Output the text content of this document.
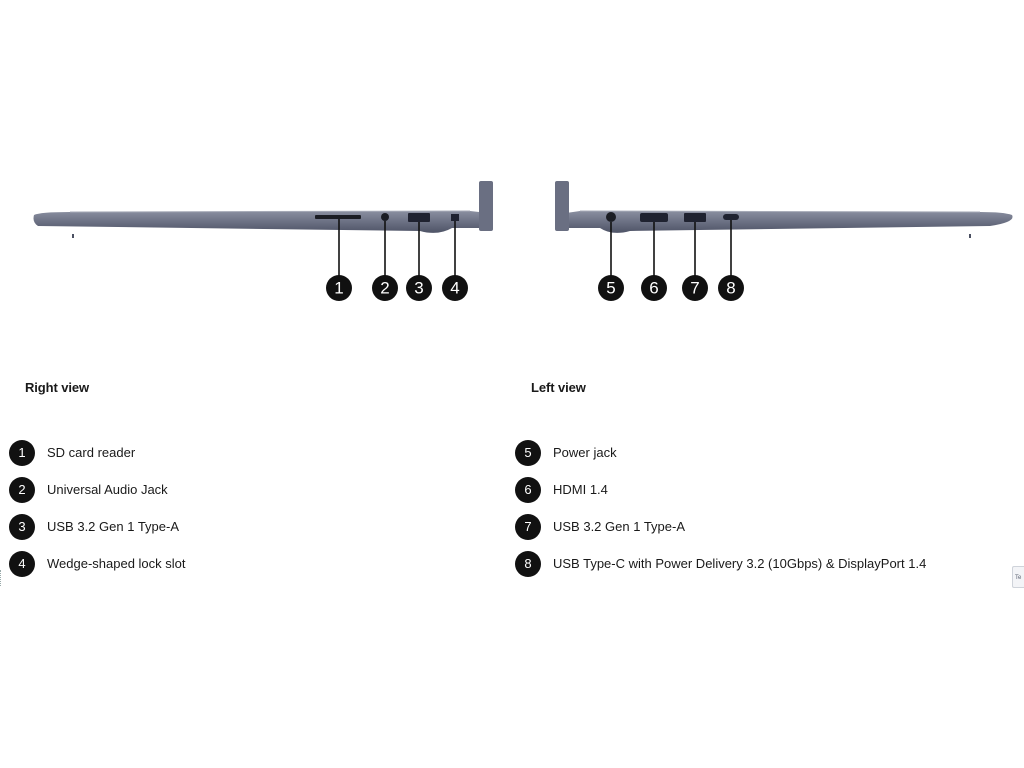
1 2 3 4	5 6 7 8
Right view
1	SD card reader
2	Universal Audio Jack
3	USB 3.2 Gen 1 Type-A
4	Wedge-shaped lock slot
Left view
5	Power jack
6	HDMI 1.4
7	USB 3.2 Gen 1 Type-A
8	USB Type-C with Power Delivery 3.2 (10Gbps) & DisplayPort 1.4
Te
